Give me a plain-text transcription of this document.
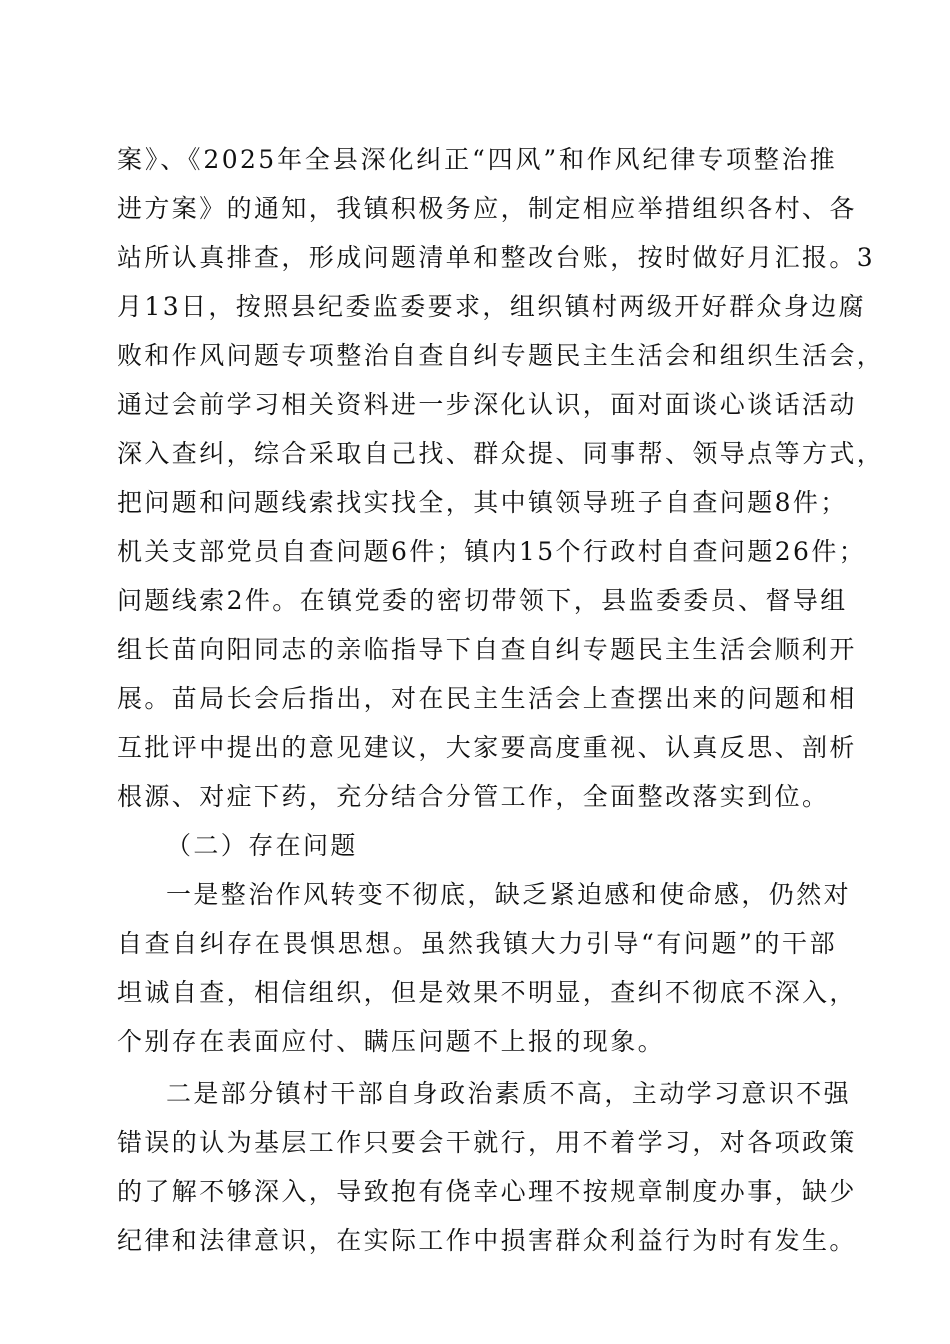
案》、《2025年全县深化纠正“四风”和作风纪律专项整治推
进方案》的通知，我镇积极务应，制定相应举措组织各村、各
站所认真排查，形成问题清单和整改台账，按时做好月汇报。3
月13日，按照县纪委监委要求，组织镇村两级开好群众身边腐
败和作风问题专项整治自查自纠专题民主生活会和组织生活会，
通过会前学习相关资料进一步深化认识，面对面谈心谈话活动
深入查纠，综合采取自己找、群众提、同事帮、领导点等方式，
把问题和问题线索找实找全，其中镇领导班子自查问题8件；
机关支部党员自查问题6件；镇内15个行政村自查问题26件；
问题线索2件。在镇党委的密切带领下，县监委委员、督导组
组长苗向阳同志的亲临指导下自查自纠专题民主生活会顺利开
展。苗局长会后指出，对在民主生活会上查摆出来的问题和相
互批评中提出的意见建议，大家要高度重视、认真反思、剖析
根源、对症下药，充分结合分管工作，全面整改落实到位。
（二）存在问题
一是整治作风转变不彻底，缺乏紧迫感和使命感，仍然对
自查自纠存在畏惧思想。虽然我镇大力引导“有问题”的干部
坦诚自查，相信组织，但是效果不明显，查纠不彻底不深入，
个别存在表面应付、瞒压问题不上报的现象。
二是部分镇村干部自身政治素质不高，主动学习意识不强
错误的认为基层工作只要会干就行，用不着学习，对各项政策
的了解不够深入，导致抱有侥幸心理不按规章制度办事，缺少
纪律和法律意识，在实际工作中损害群众利益行为时有发生。
